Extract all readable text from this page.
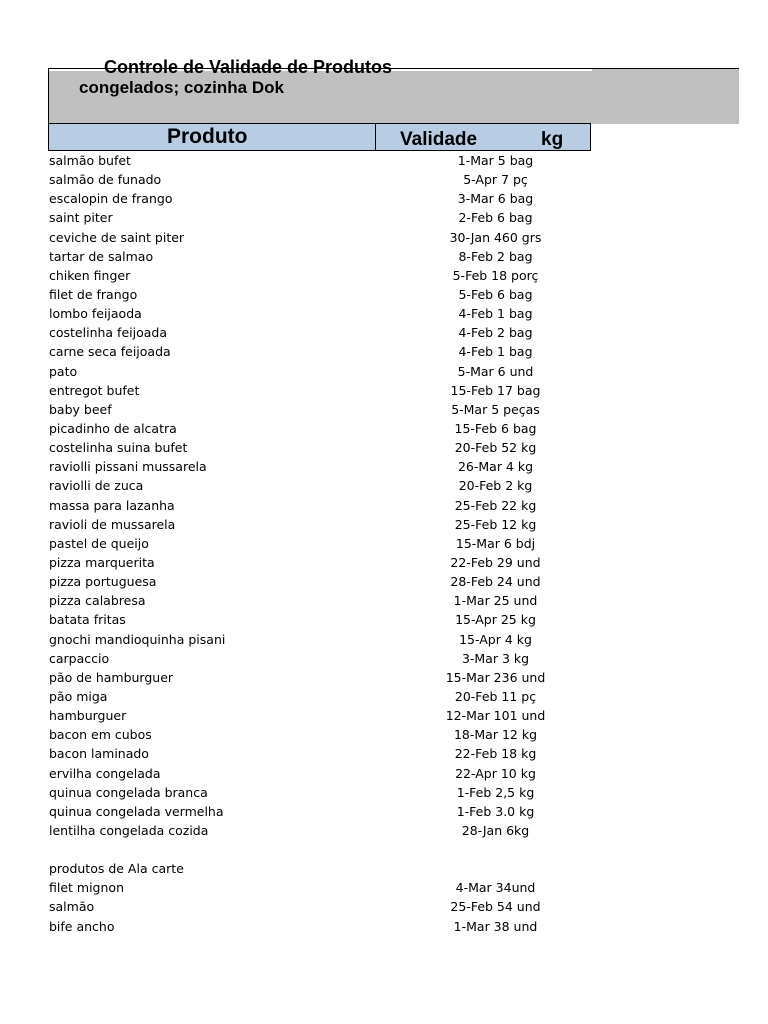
Controle de Validade de Produtos
congelados; cozinha Dok
Produto	Validade	kg
salmão bufet	1-Mar 5 bag
salmão de funado	5-Apr 7 pç
escalopin de frango	3-Mar 6 bag
saint piter	2-Feb 6 bag
ceviche de saint piter	30-Jan 460 grs
tartar de salmao	8-Feb 2 bag
chiken finger	5-Feb 18 porç
filet de frango	5-Feb 6 bag
lombo feijaoda	4-Feb 1 bag
costelinha feijoada	4-Feb 2 bag
carne seca feijoada	4-Feb 1 bag
pato	5-Mar 6 und
entregot bufet	15-Feb 17 bag
baby beef	5-Mar 5 peças
picadinho de alcatra	15-Feb 6 bag
costelinha suina bufet	20-Feb 52 kg
raviolli pissani mussarela	26-Mar 4 kg
raviolli de zuca	20-Feb 2 kg
massa para lazanha	25-Feb 22 kg
ravioli de mussarela	25-Feb 12 kg
pastel de queijo	15-Mar 6 bdj
pizza marquerita	22-Feb 29 und
pizza portuguesa	28-Feb 24 und
pizza calabresa	1-Mar 25 und
batata fritas	15-Apr 25 kg
gnochi mandioquinha pisani	15-Apr 4 kg
carpaccio	3-Mar 3 kg
pão de hamburguer	15-Mar 236 und
pão miga	20-Feb 11 pç
hamburguer	12-Mar 101 und
bacon em cubos	18-Mar 12 kg
bacon laminado	22-Feb 18 kg
ervilha congelada	22-Apr 10 kg
quinua congelada branca	1-Feb 2,5 kg
quinua congelada vermelha	1-Feb 3.0 kg
lentilha congelada cozida	28-Jan 6kg
produtos de Ala carte
filet mignon	4-Mar 34und
salmão	25-Feb 54 und
bife ancho	1-Mar 38 und
